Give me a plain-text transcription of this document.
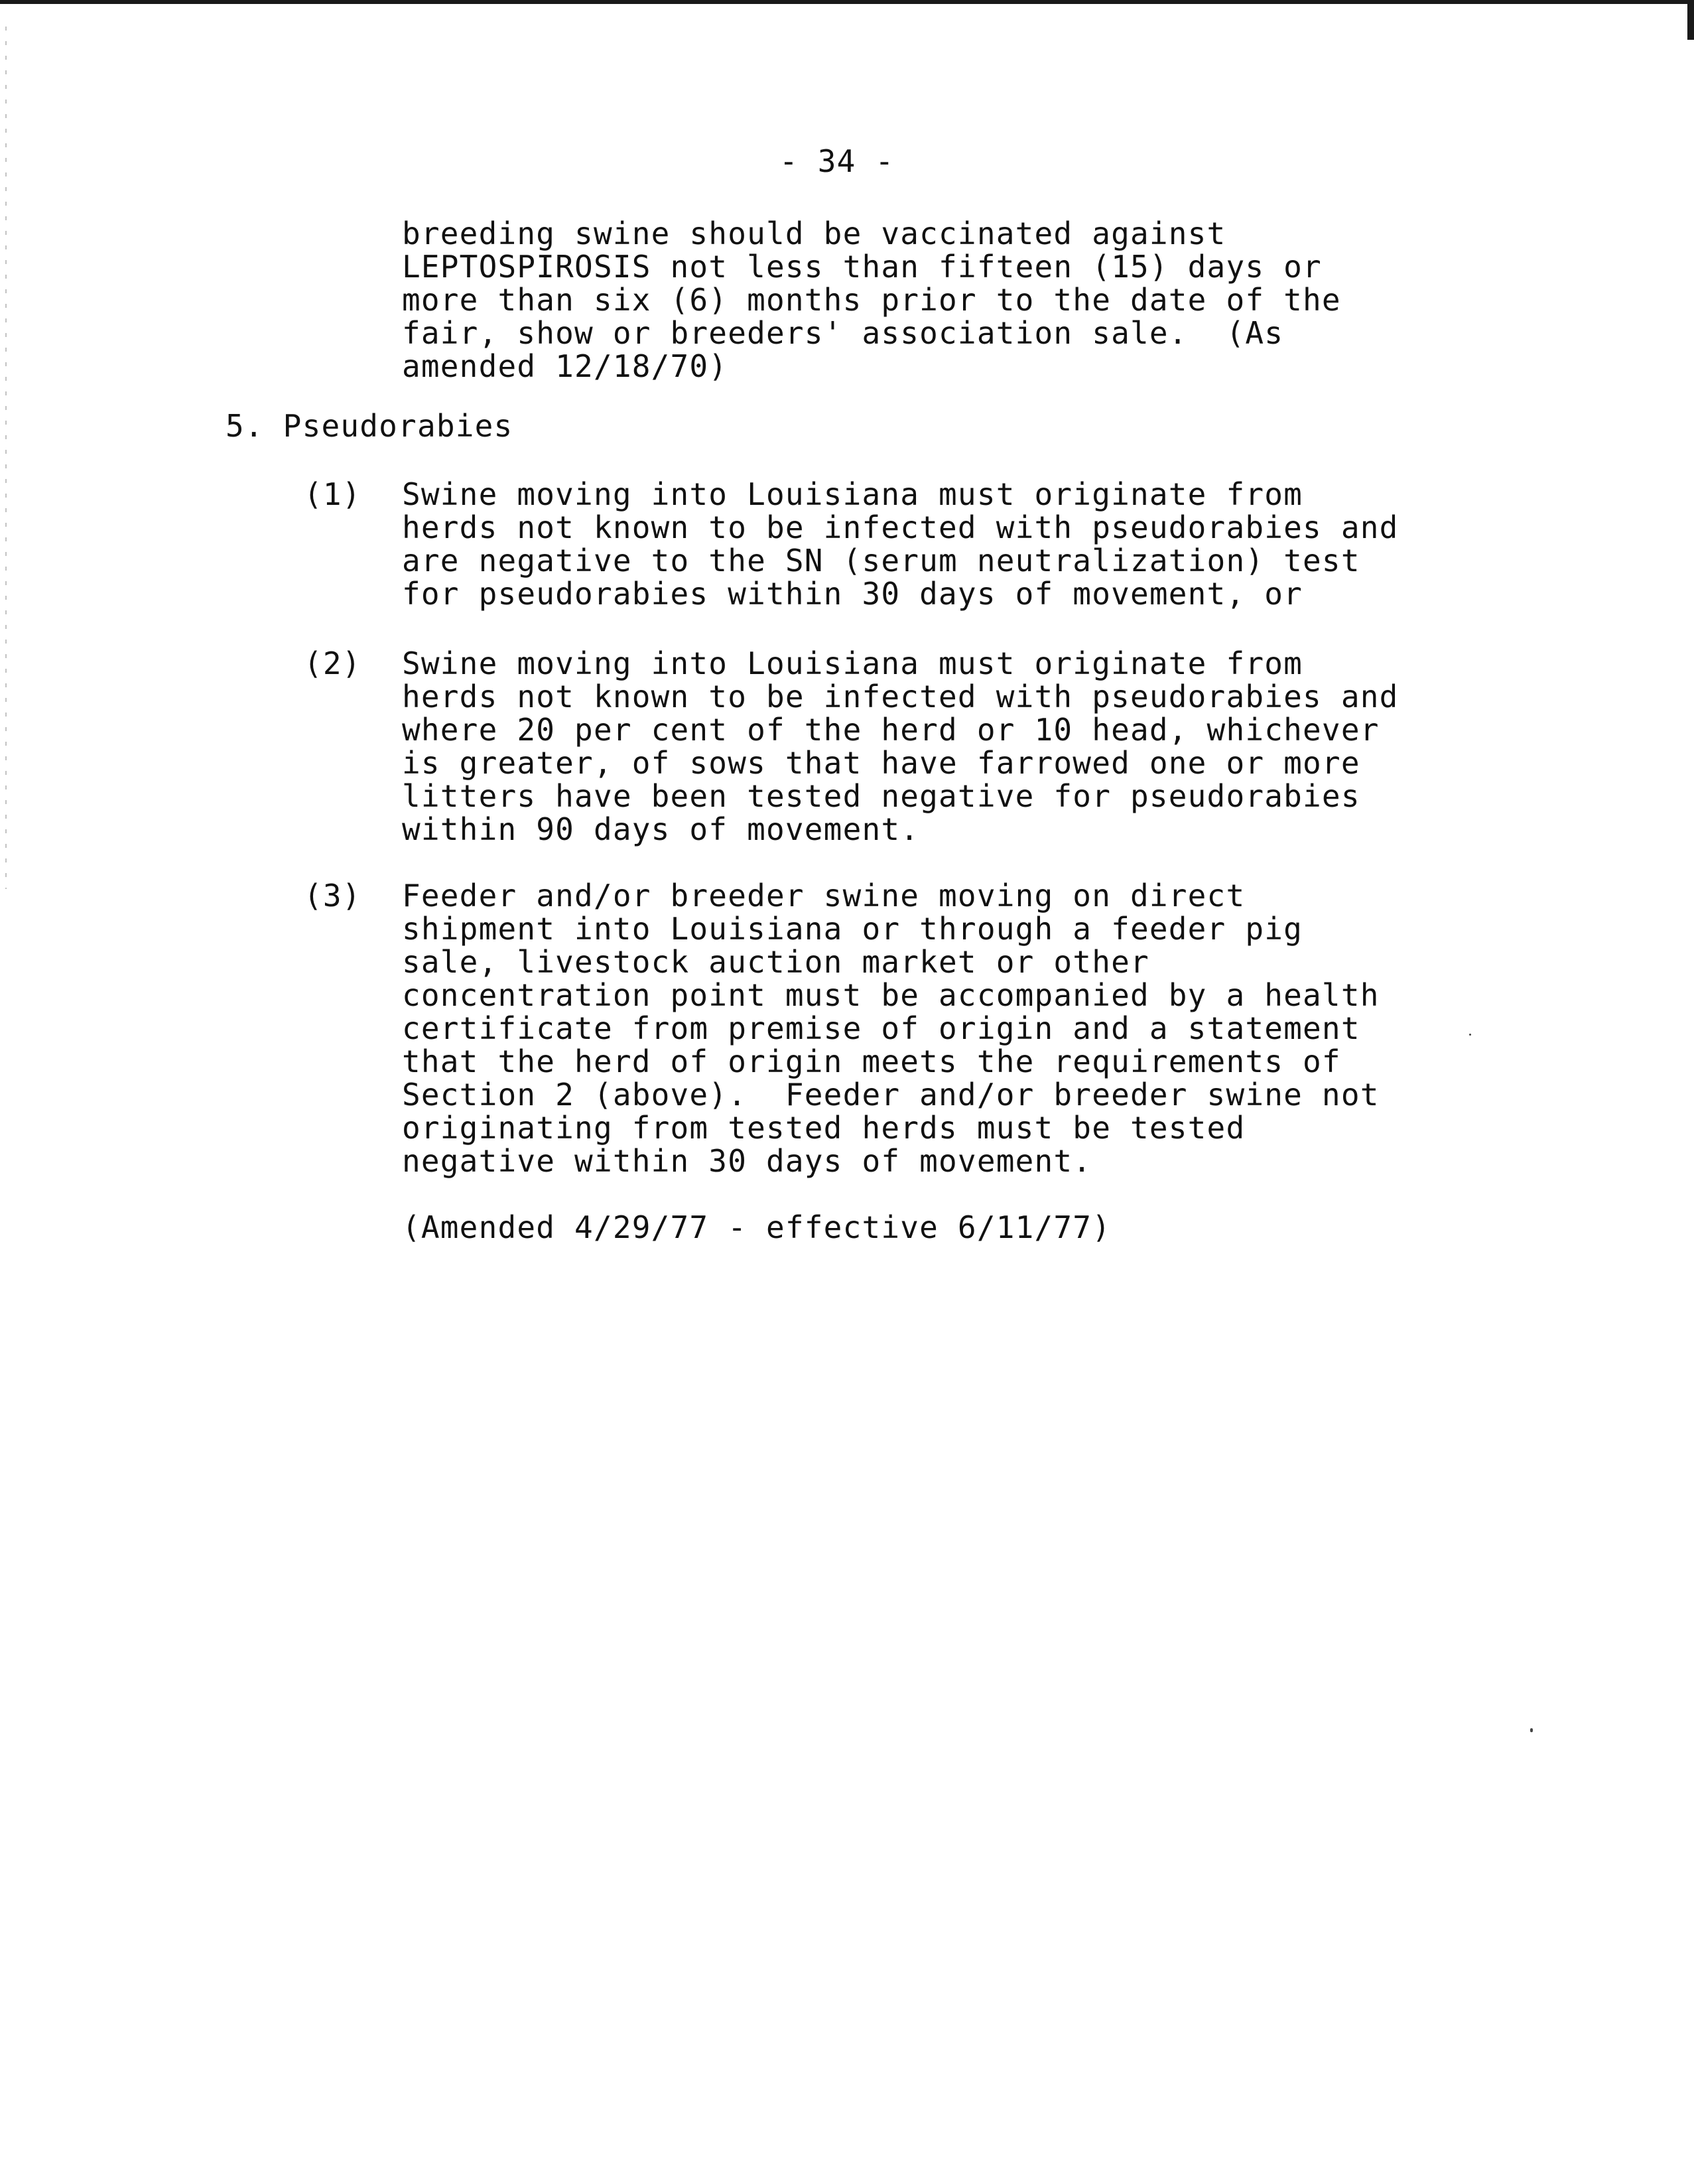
- 34 -
breeding swine should be vaccinated against
LEPTOSPIROSIS not less than fifteen (15) days or
more than six (6) months prior to the date of the
fair, show or breeders' association sale.  (As
amended 12/18/70)
5. Pseudorabies
(1) Swine moving into Louisiana must originate from
herds not known to be infected with pseudorabies and
are negative to the SN (serum neutralization) test
for pseudorabies within 30 days of movement, or
(2) Swine moving into Louisiana must originate from
herds not known to be infected with pseudorabies and
where 20 per cent of the herd or 10 head, whichever
is greater, of sows that have farrowed one or more
litters have been tested negative for pseudorabies
within 90 days of movement.
(3) Feeder and/or breeder swine moving on direct
shipment into Louisiana or through a feeder pig
sale, livestock auction market or other
concentration point must be accompanied by a health
certificate from premise of origin and a statement
that the herd of origin meets the requirements of
Section 2 (above).  Feeder and/or breeder swine not
originating from tested herds must be tested
negative within 30 days of movement.
(Amended 4/29/77 - effective 6/11/77)
